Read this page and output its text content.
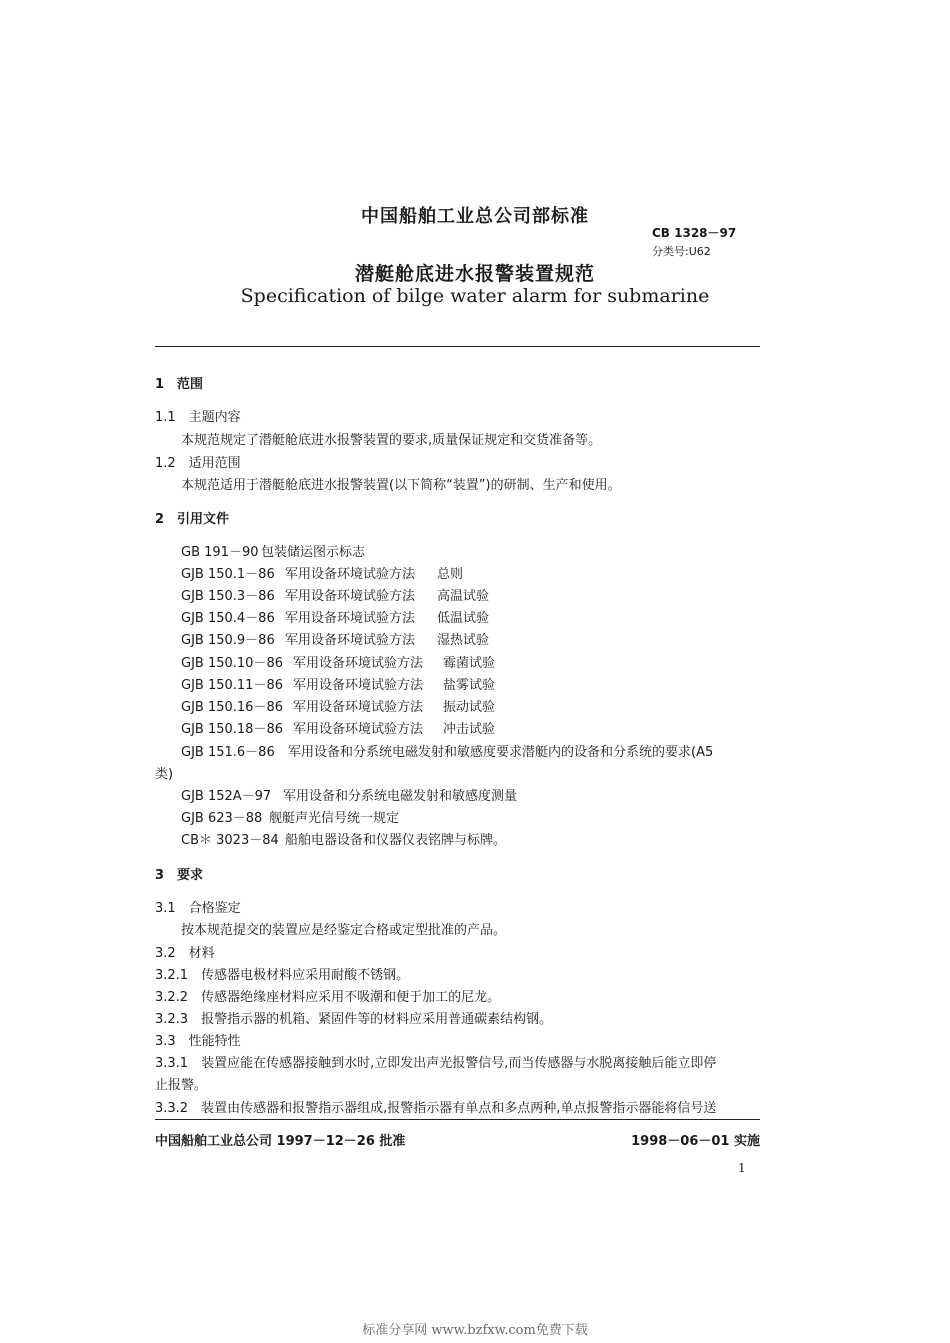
中国船舶工业总公司部标准
CB 1328－97
分类号:U62
潜艇舱底进水报警装置规范
Specification of bilge water alarm for submarine
1　范围
1.1　主题内容
本规范规定了潜艇舱底进水报警装置的要求,质量保证规定和交货准备等。
1.2　适用范围
本规范适用于潜艇舱底进水报警装置(以下简称“装置”)的研制、生产和使用。
2　引用文件
GB 191－90 包装储运图示标志
GJB 150.1－86 军用设备环境试验方法 总则
GJB 150.3－86 军用设备环境试验方法 高温试验
GJB 150.4－86 军用设备环境试验方法 低温试验
GJB 150.9－86 军用设备环境试验方法 湿热试验
GJB 150.10－86 军用设备环境试验方法 霉菌试验
GJB 150.11－86 军用设备环境试验方法 盐雾试验
GJB 150.16－86 军用设备环境试验方法 振动试验
GJB 150.18－86 军用设备环境试验方法 冲击试验
GJB 151.6－86 军用设备和分系统电磁发射和敏感度要求潜艇内的设备和分系统的要求(A5
类)
GJB 152A－97 军用设备和分系统电磁发射和敏感度测量
GJB 623－88 舰艇声光信号统一规定
CB＊ 3023－84 船舶电器设备和仪器仪表铭牌与标牌。
3　要求
3.1　合格鉴定
按本规范提交的装置应是经鉴定合格或定型批准的产品。
3.2　材料
3.2.1　传感器电极材料应采用耐酸不锈钢。
3.2.2　传感器绝缘座材料应采用不吸潮和便于加工的尼龙。
3.2.3　报警指示器的机箱、紧固件等的材料应采用普通碳素结构钢。
3.3　性能特性
3.3.1　装置应能在传感器接触到水时,立即发出声光报警信号,而当传感器与水脱离接触后能立即停
止报警。
3.3.2　装置由传感器和报警指示器组成,报警指示器有单点和多点两种,单点报警指示器能将信号送
中国船舶工业总公司 1997－12－26 批准	1998－06－01 实施
1
标准分享网 www.bzfxw.com免费下载
